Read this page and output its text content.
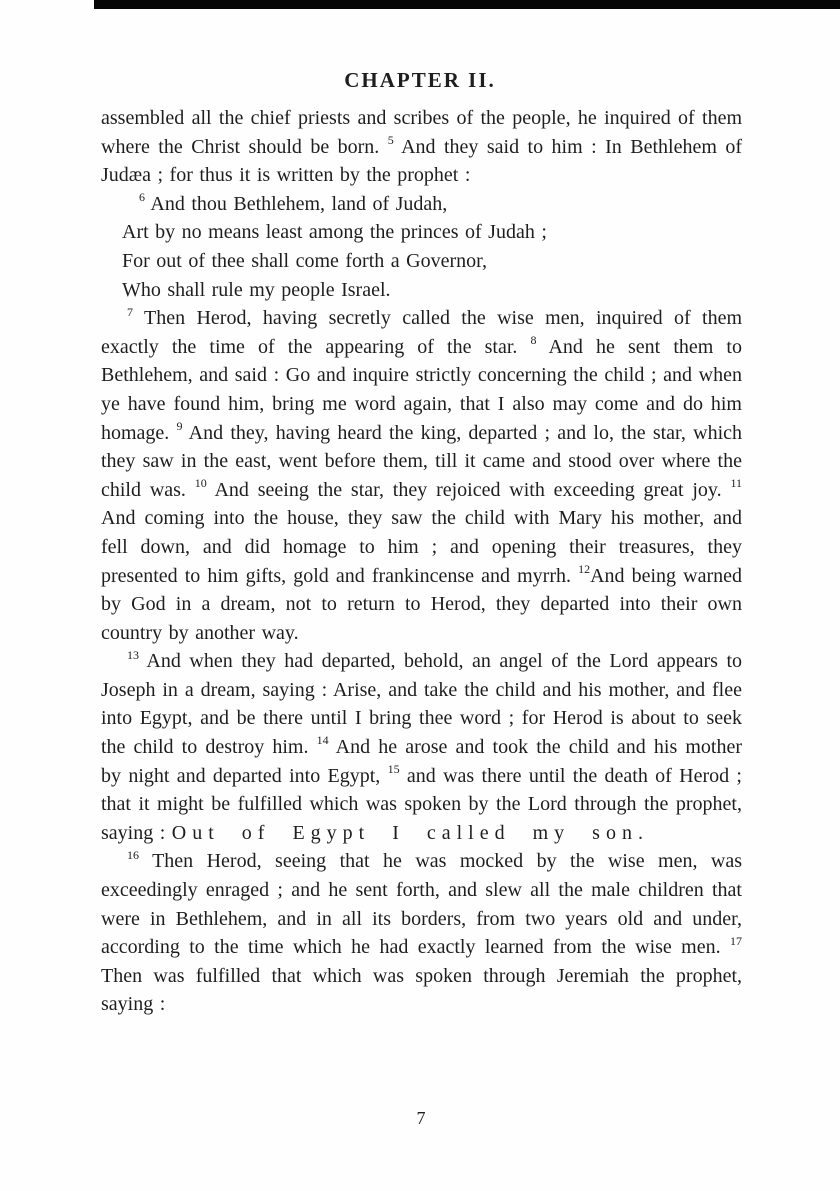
CHAPTER II.

assembled all the chief priests and scribes of the people, he inquired of them where the Christ should be born. $^5$ And they said to him : In Bethlehem of Judæa ; for thus it is written by the prophet :

$^6$ And thou Bethlehem, land of Judah,
Art by no means least among the princes of Judah ;
For out of thee shall come forth a Governor,
Who shall rule my people Israel.

$^7$ Then Herod, having secretly called the wise men, inquired of them exactly the time of the appearing of the star. $^8$ And he sent them to Bethlehem, and said : Go and inquire strictly concerning the child ; and when ye have found him, bring me word again, that I also may come and do him homage. $^9$ And they, having heard the king, departed ; and lo, the star, which they saw in the east, went before them, till it came and stood over where the child was. $^{10}$ And seeing the star, they rejoiced with exceeding great joy. $^{11}$ And coming into the house, they saw the child with Mary his mother, and fell down, and did homage to him ; and opening their treasures, they presented to him gifts, gold and frankincense and myrrh. $^{12}$And being warned by God in a dream, not to return to Herod, they departed into their own country by another way.

$^{13}$ And when they had departed, behold, an angel of the Lord appears to Joseph in a dream, saying : Arise, and take the child and his mother, and flee into Egypt, and be there until I bring thee word ; for Herod is about to seek the child to destroy him. $^{14}$ And he arose and took the child and his mother by night and departed into Egypt, $^{15}$ and was there until the death of Herod ; that it might be fulfilled which was spoken by the Lord through the prophet, saying : Out of Egypt I called my son.

$^{16}$ Then Herod, seeing that he was mocked by the wise men, was exceedingly enraged ; and he sent forth, and slew all the male children that were in Bethlehem, and in all its borders, from two years old and under, according to the time which he had exactly learned from the wise men. $^{17}$ Then was fulfilled that which was spoken through Jeremiah the prophet, saying :

7
